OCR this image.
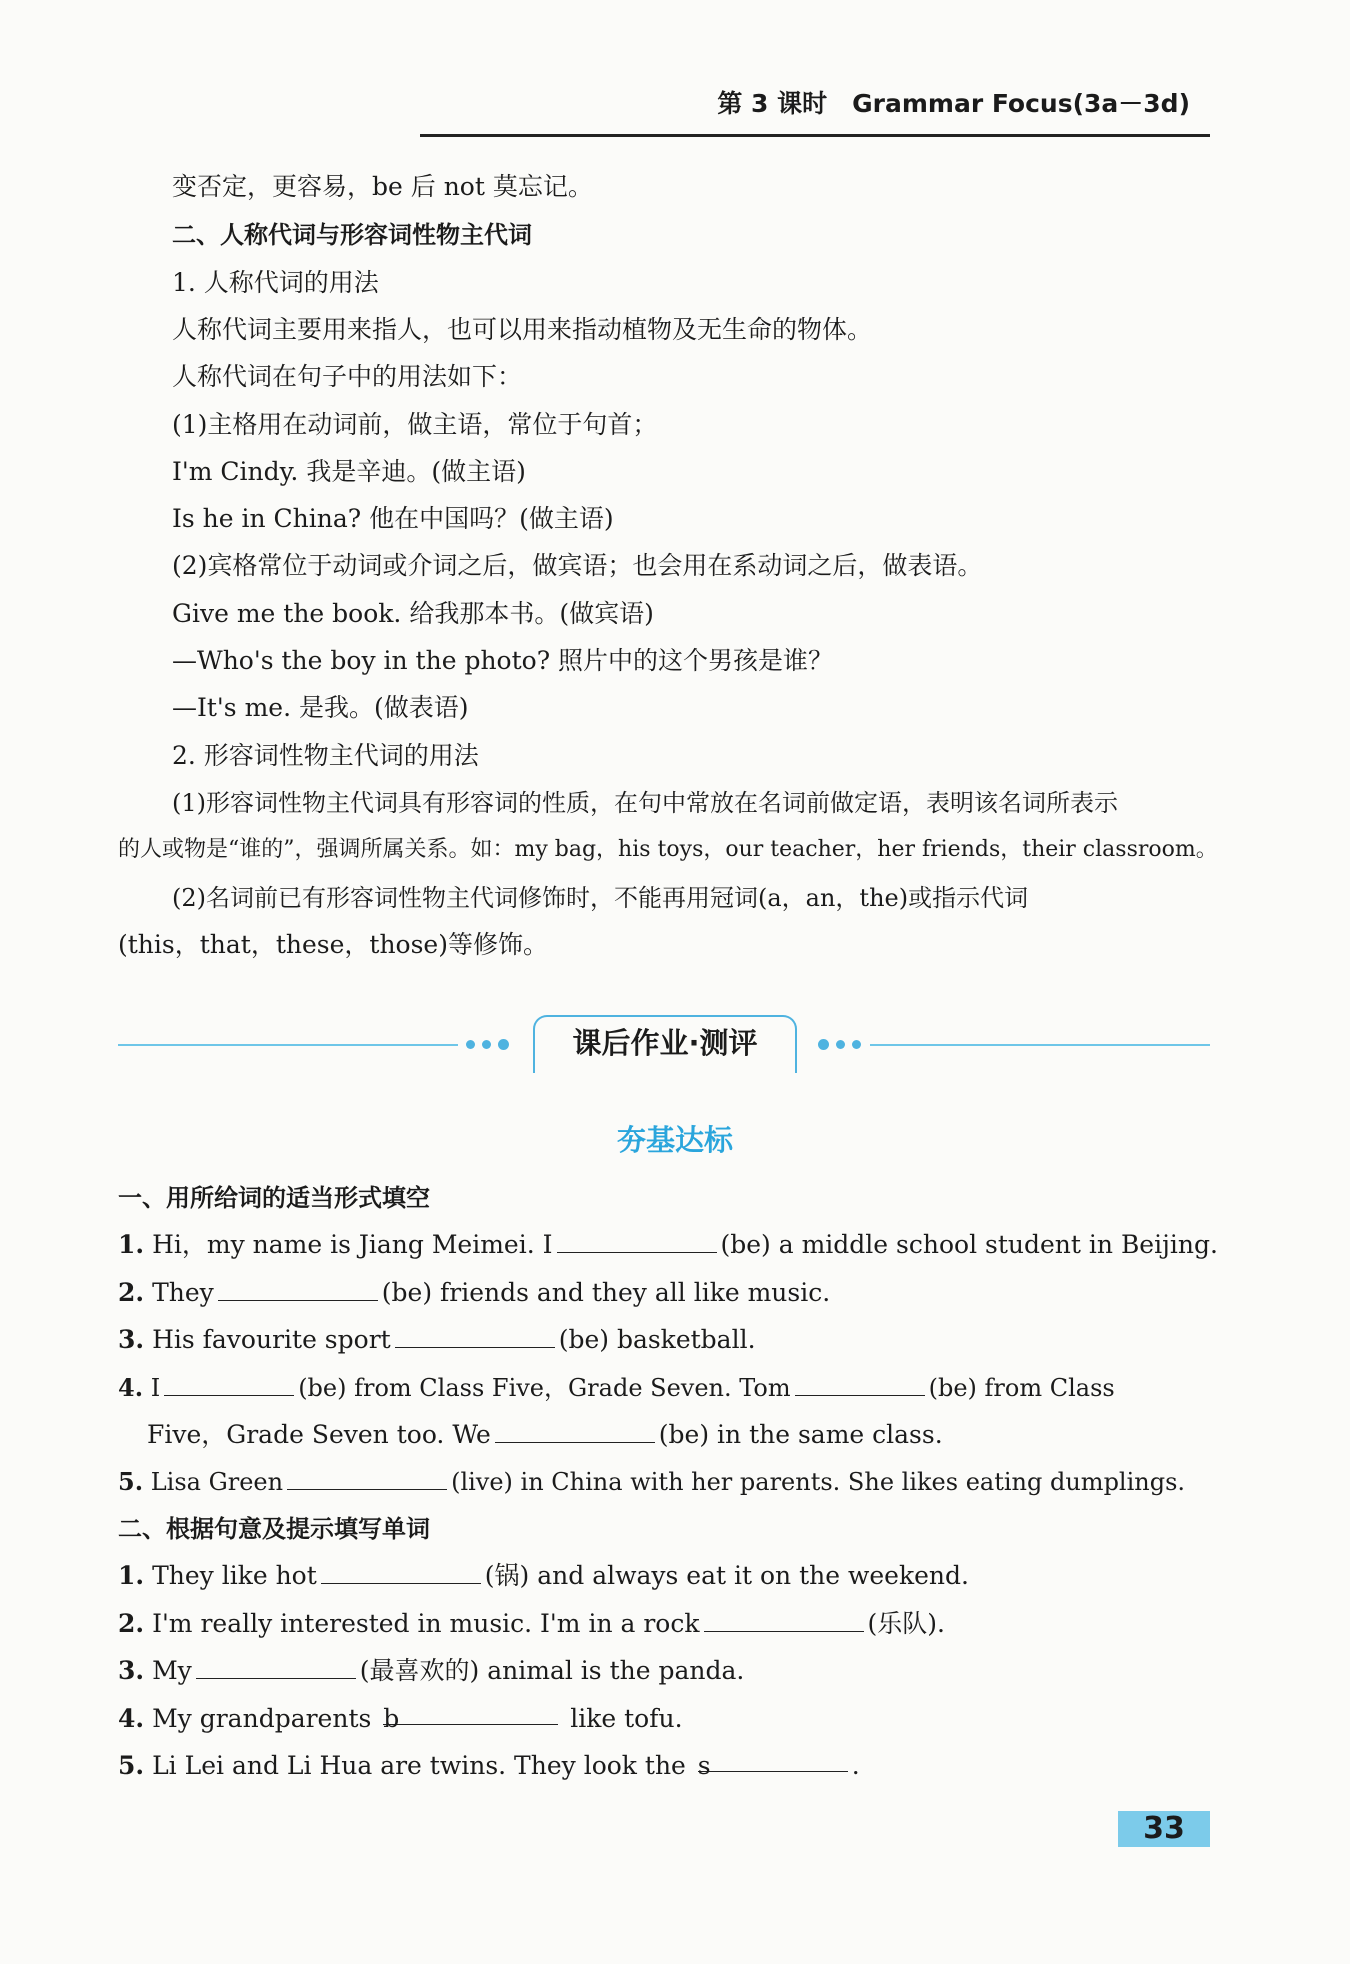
第 3 课时　Grammar Focus(3a－3d)
变否定，更容易，be 后 not 莫忘记。
二、人称代词与形容词性物主代词
1. 人称代词的用法
人称代词主要用来指人，也可以用来指动植物及无生命的物体。
人称代词在句子中的用法如下：
(1)主格用在动词前，做主语，常位于句首；
I'm Cindy. 我是辛迪。(做主语)
Is he in China? 他在中国吗？(做主语)
(2)宾格常位于动词或介词之后，做宾语；也会用在系动词之后，做表语。
Give me the book. 给我那本书。(做宾语)
—Who's the boy in the photo? 照片中的这个男孩是谁？
—It's me. 是我。(做表语)
2. 形容词性物主代词的用法
(1)形容词性物主代词具有形容词的性质，在句中常放在名词前做定语，表明该名词所表示
的人或物是“谁的”，强调所属关系。如：my bag，his toys，our teacher，her friends，their classroom。
(2)名词前已有形容词性物主代词修饰时，不能再用冠词(a，an，the)或指示代词
(this，that，these，those)等修饰。
课后作业·测评
夯基达标
一、用所给词的适当形式填空
1. Hi，my name is Jiang Meimei. I	(be) a middle school student in Beijing.
2. They	(be) friends and they all like music.
3. His favourite sport	(be) basketball.
4. I	(be) from Class Five，Grade Seven. Tom	(be) from Class
Five，Grade Seven too. We	(be) in the same class.
5. Lisa Green	(live) in China with her parents. She likes eating dumplings.
二、根据句意及提示填写单词
1. They like hot	(锅) and always eat it on the weekend.
2. I'm really interested in music. I'm in a rock	(乐队).
3. My	(最喜欢的) animal is the panda.
4. My grandparents b	like tofu.
5. Li Lei and Li Hua are twins. They look the s	.
33
